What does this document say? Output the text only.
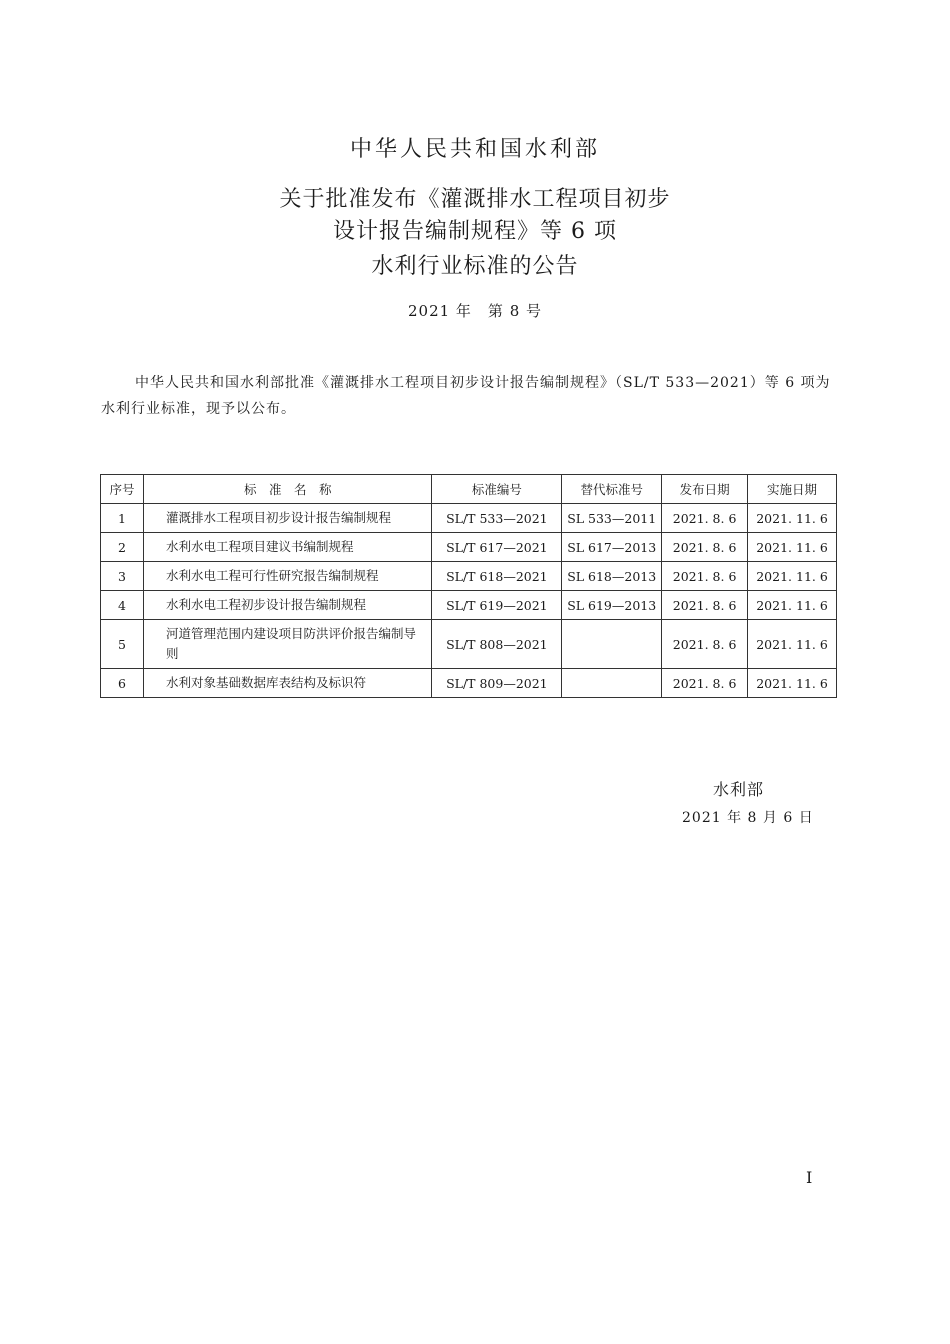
中华人民共和国水利部
关于批准发布《灌溉排水工程项目初步
设计报告编制规程》等 6 项
水利行业标准的公告
2021 年　第 8 号
中华人民共和国水利部批准《灌溉排水工程项目初步设计报告编制规程》（SL/T 533—2021）等 6 项为水利行业标准，现予以公布。
序号	标　准　名　称	标准编号	替代标准号	发布日期	实施日期
1	灌溉排水工程项目初步设计报告编制规程	SL/T 533—2021	SL 533—2011	2021. 8. 6	2021. 11. 6
2	水利水电工程项目建议书编制规程	SL/T 617—2021	SL 617—2013	2021. 8. 6	2021. 11. 6
3	水利水电工程可行性研究报告编制规程	SL/T 618—2021	SL 618—2013	2021. 8. 6	2021. 11. 6
4	水利水电工程初步设计报告编制规程	SL/T 619—2021	SL 619—2013	2021. 8. 6	2021. 11. 6
5	河道管理范围内建设项目防洪评价报告编制导则	SL/T 808—2021		2021. 8. 6	2021. 11. 6
6	水利对象基础数据库表结构及标识符	SL/T 809—2021		2021. 8. 6	2021. 11. 6
水利部
2021 年 8 月 6 日
I
